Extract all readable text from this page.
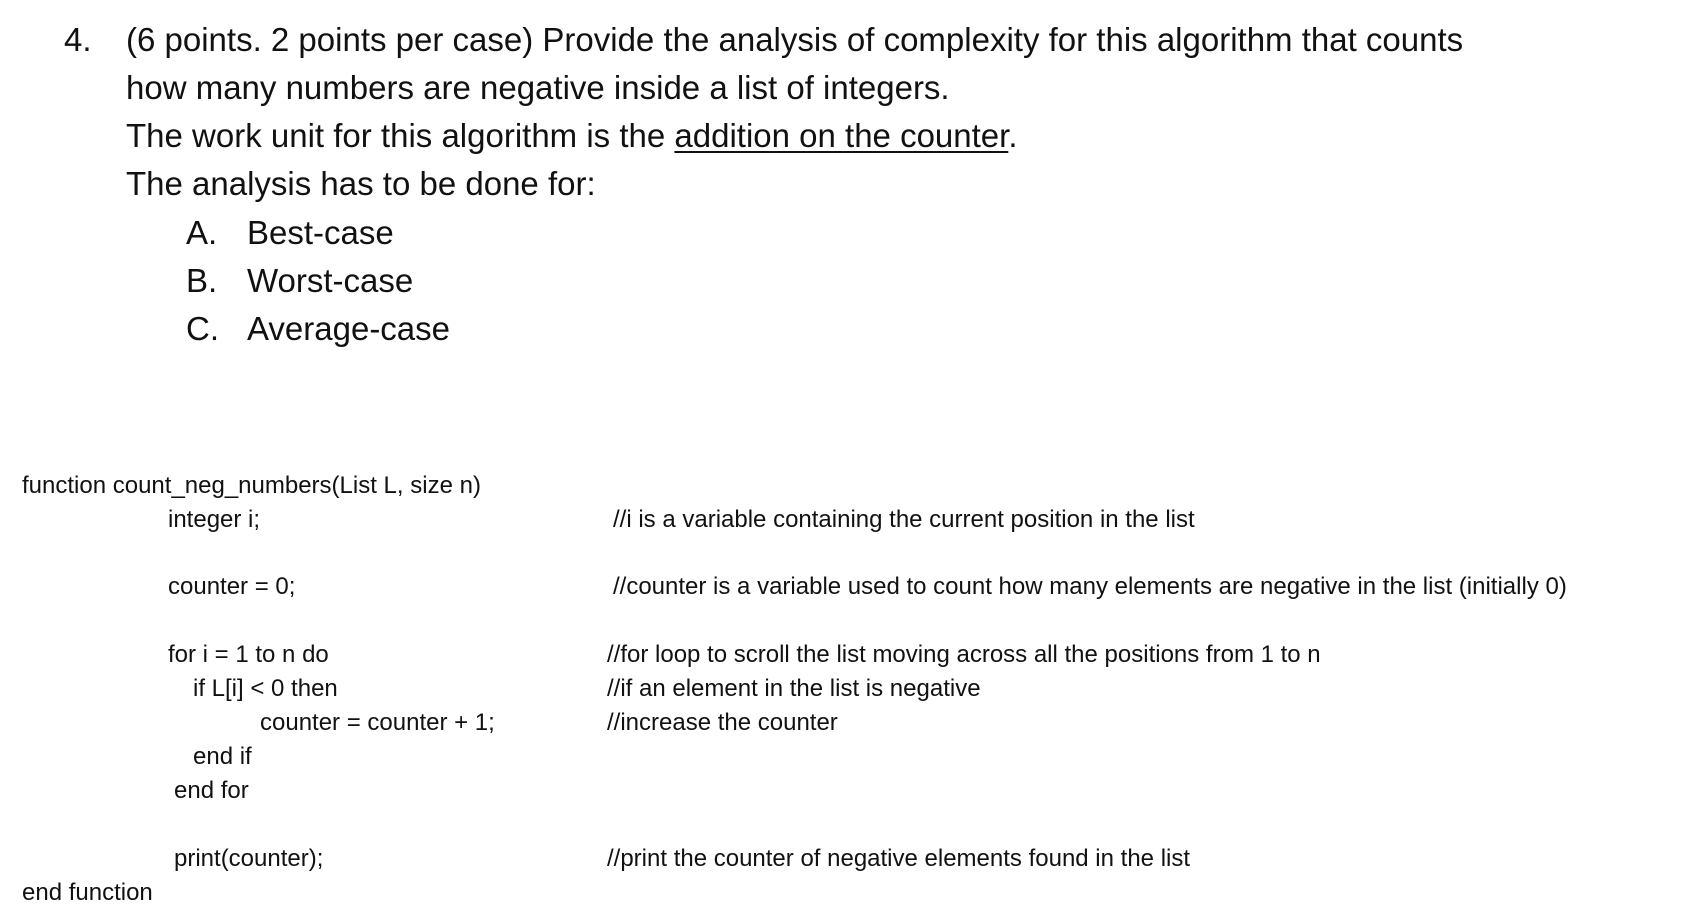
4. (6 points. 2 points per case) Provide the analysis of complexity for this algorithm that counts
how many numbers are negative inside a list of integers.
The work unit for this algorithm is the addition on the counter.
The analysis has to be done for:
A. Best-case
B. Worst-case
C. Average-case
function count_neg_numbers(List L, size n)
integer i;
counter = 0;
for i = 1 to n do
if L[i] < 0 then
counter = counter + 1;
end if
end for
print(counter);
end function
//i is a variable containing the current position in the list
//counter is a variable used to count how many elements are negative in the list (initially 0)
//for loop to scroll the list moving across all the positions from 1 to n
//if an element in the list is negative
//increase the counter
//print the counter of negative elements found in the list
